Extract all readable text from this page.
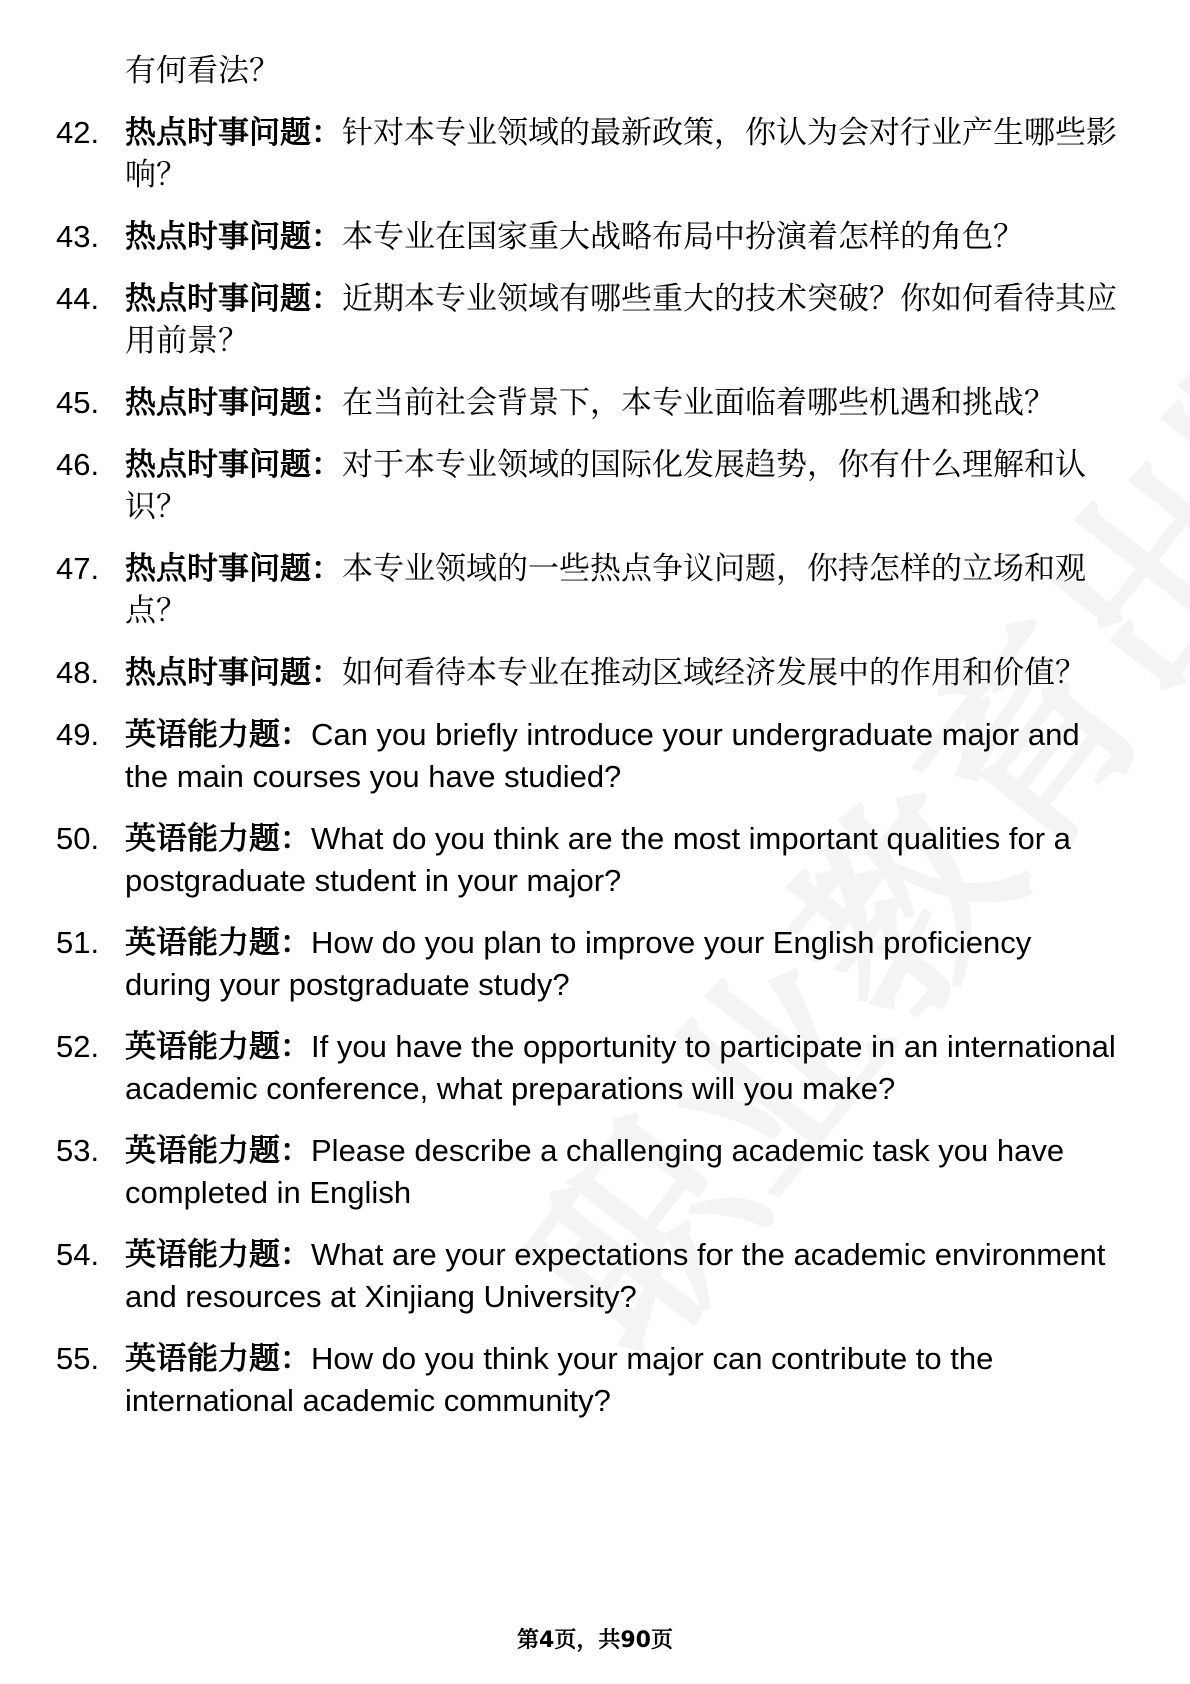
有何看法？
42. 热点时事问题：针对本专业领域的最新政策，你认为会对行业产生哪些影响？
43. 热点时事问题：本专业在国家重大战略布局中扮演着怎样的角色？
44. 热点时事问题：近期本专业领域有哪些重大的技术突破？你如何看待其应用前景？
45. 热点时事问题：在当前社会背景下，本专业面临着哪些机遇和挑战？
46. 热点时事问题：对于本专业领域的国际化发展趋势，你有什么理解和认识？
47. 热点时事问题：本专业领域的一些热点争议问题，你持怎样的立场和观点？
48. 热点时事问题：如何看待本专业在推动区域经济发展中的作用和价值？
49. 英语能力题：Can you briefly introduce your undergraduate major and the main courses you have studied?
50. 英语能力题：What do you think are the most important qualities for a postgraduate student in your major?
51. 英语能力题：How do you plan to improve your English proficiency during your postgraduate study?
52. 英语能力题：If you have the opportunity to participate in an international academic conference, what preparations will you make?
53. 英语能力题：Please describe a challenging academic task you have completed in English
54. 英语能力题：What are your expectations for the academic environment and resources at Xinjiang University?
55. 英语能力题：How do you think your major can contribute to the international academic community?
第4页，共90页
